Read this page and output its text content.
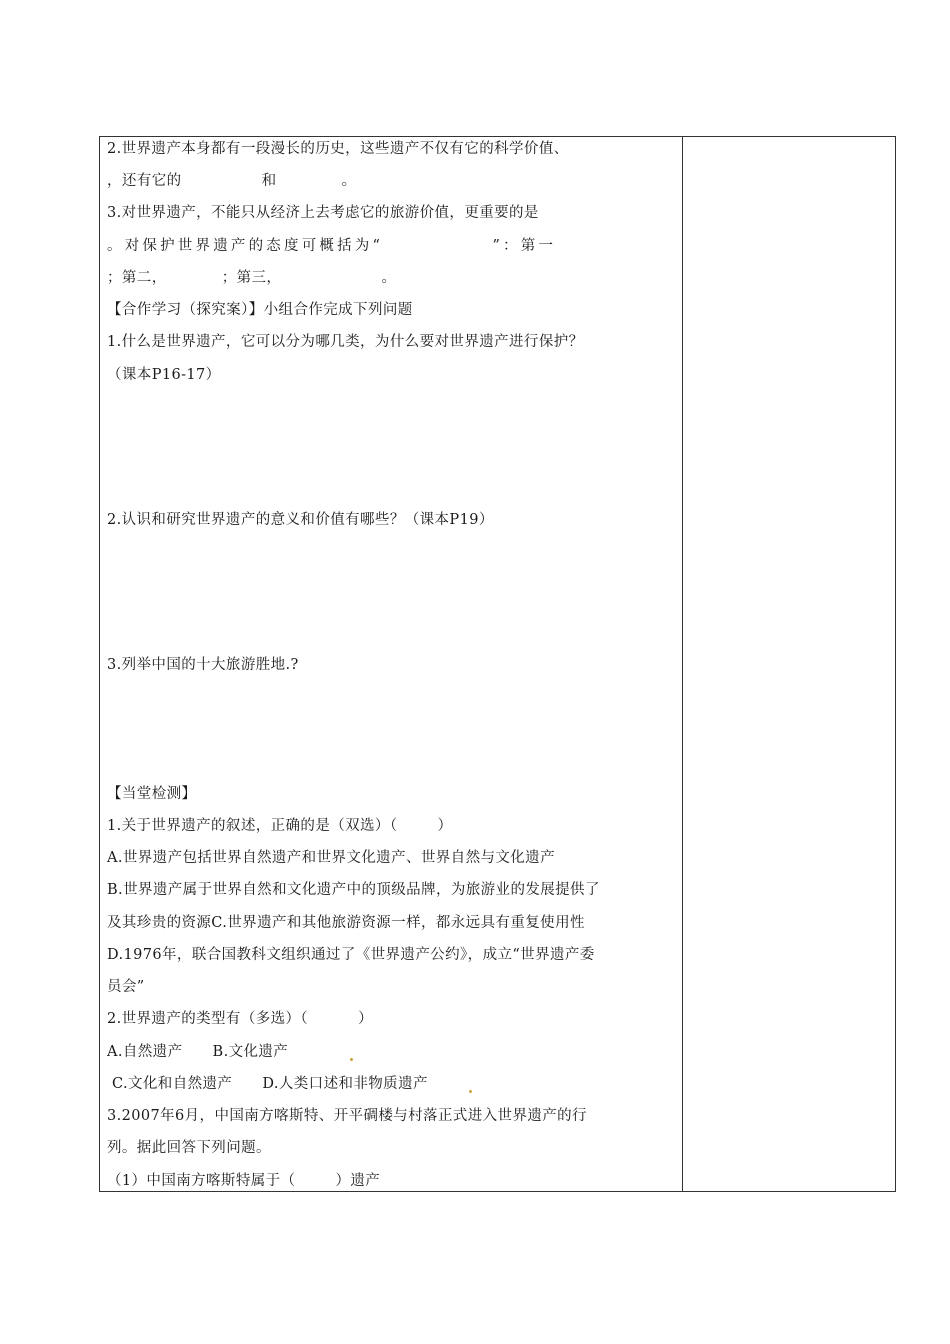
2.世界遗产本身都有一段漫长的历史，这些遗产不仅有它的科学价值、
，还有它的                和             。
3.对世界遗产，不能只从经济上去考虑它的旅游价值，更重要的是
。对保护世界遗产的态度可概括为“              ”：第一
；第二，           ；第三，                    。
【合作学习（探究案）】小组合作完成下列问题
1.什么是世界遗产，它可以分为哪几类，为什么要对世界遗产进行保护？
（课本P16-17）
2.认识和研究世界遗产的意义和价值有哪些？（课本P19）
3.列举中国的十大旅游胜地.?
【当堂检测】
1.关于世界遗产的叙述，正确的是（双选）（        ）
A.世界遗产包括世界自然遗产和世界文化遗产、世界自然与文化遗产
B.世界遗产属于世界自然和文化遗产中的顶级品牌，为旅游业的发展提供了
及其珍贵的资源C.世界遗产和其他旅游资源一样，都永远具有重复使用性
D.1976年，联合国教科文组织通过了《世界遗产公约》，成立“世界遗产委
员会”
2.世界遗产的类型有（多选）（          ）
A.自然遗产      B.文化遗产
C.文化和自然遗产      D.人类口述和非物质遗产
3.2007年6月，中国南方喀斯特、开平碉楼与村落正式进入世界遗产的行
列。据此回答下列问题。
（1）中国南方喀斯特属于（        ）遗产
